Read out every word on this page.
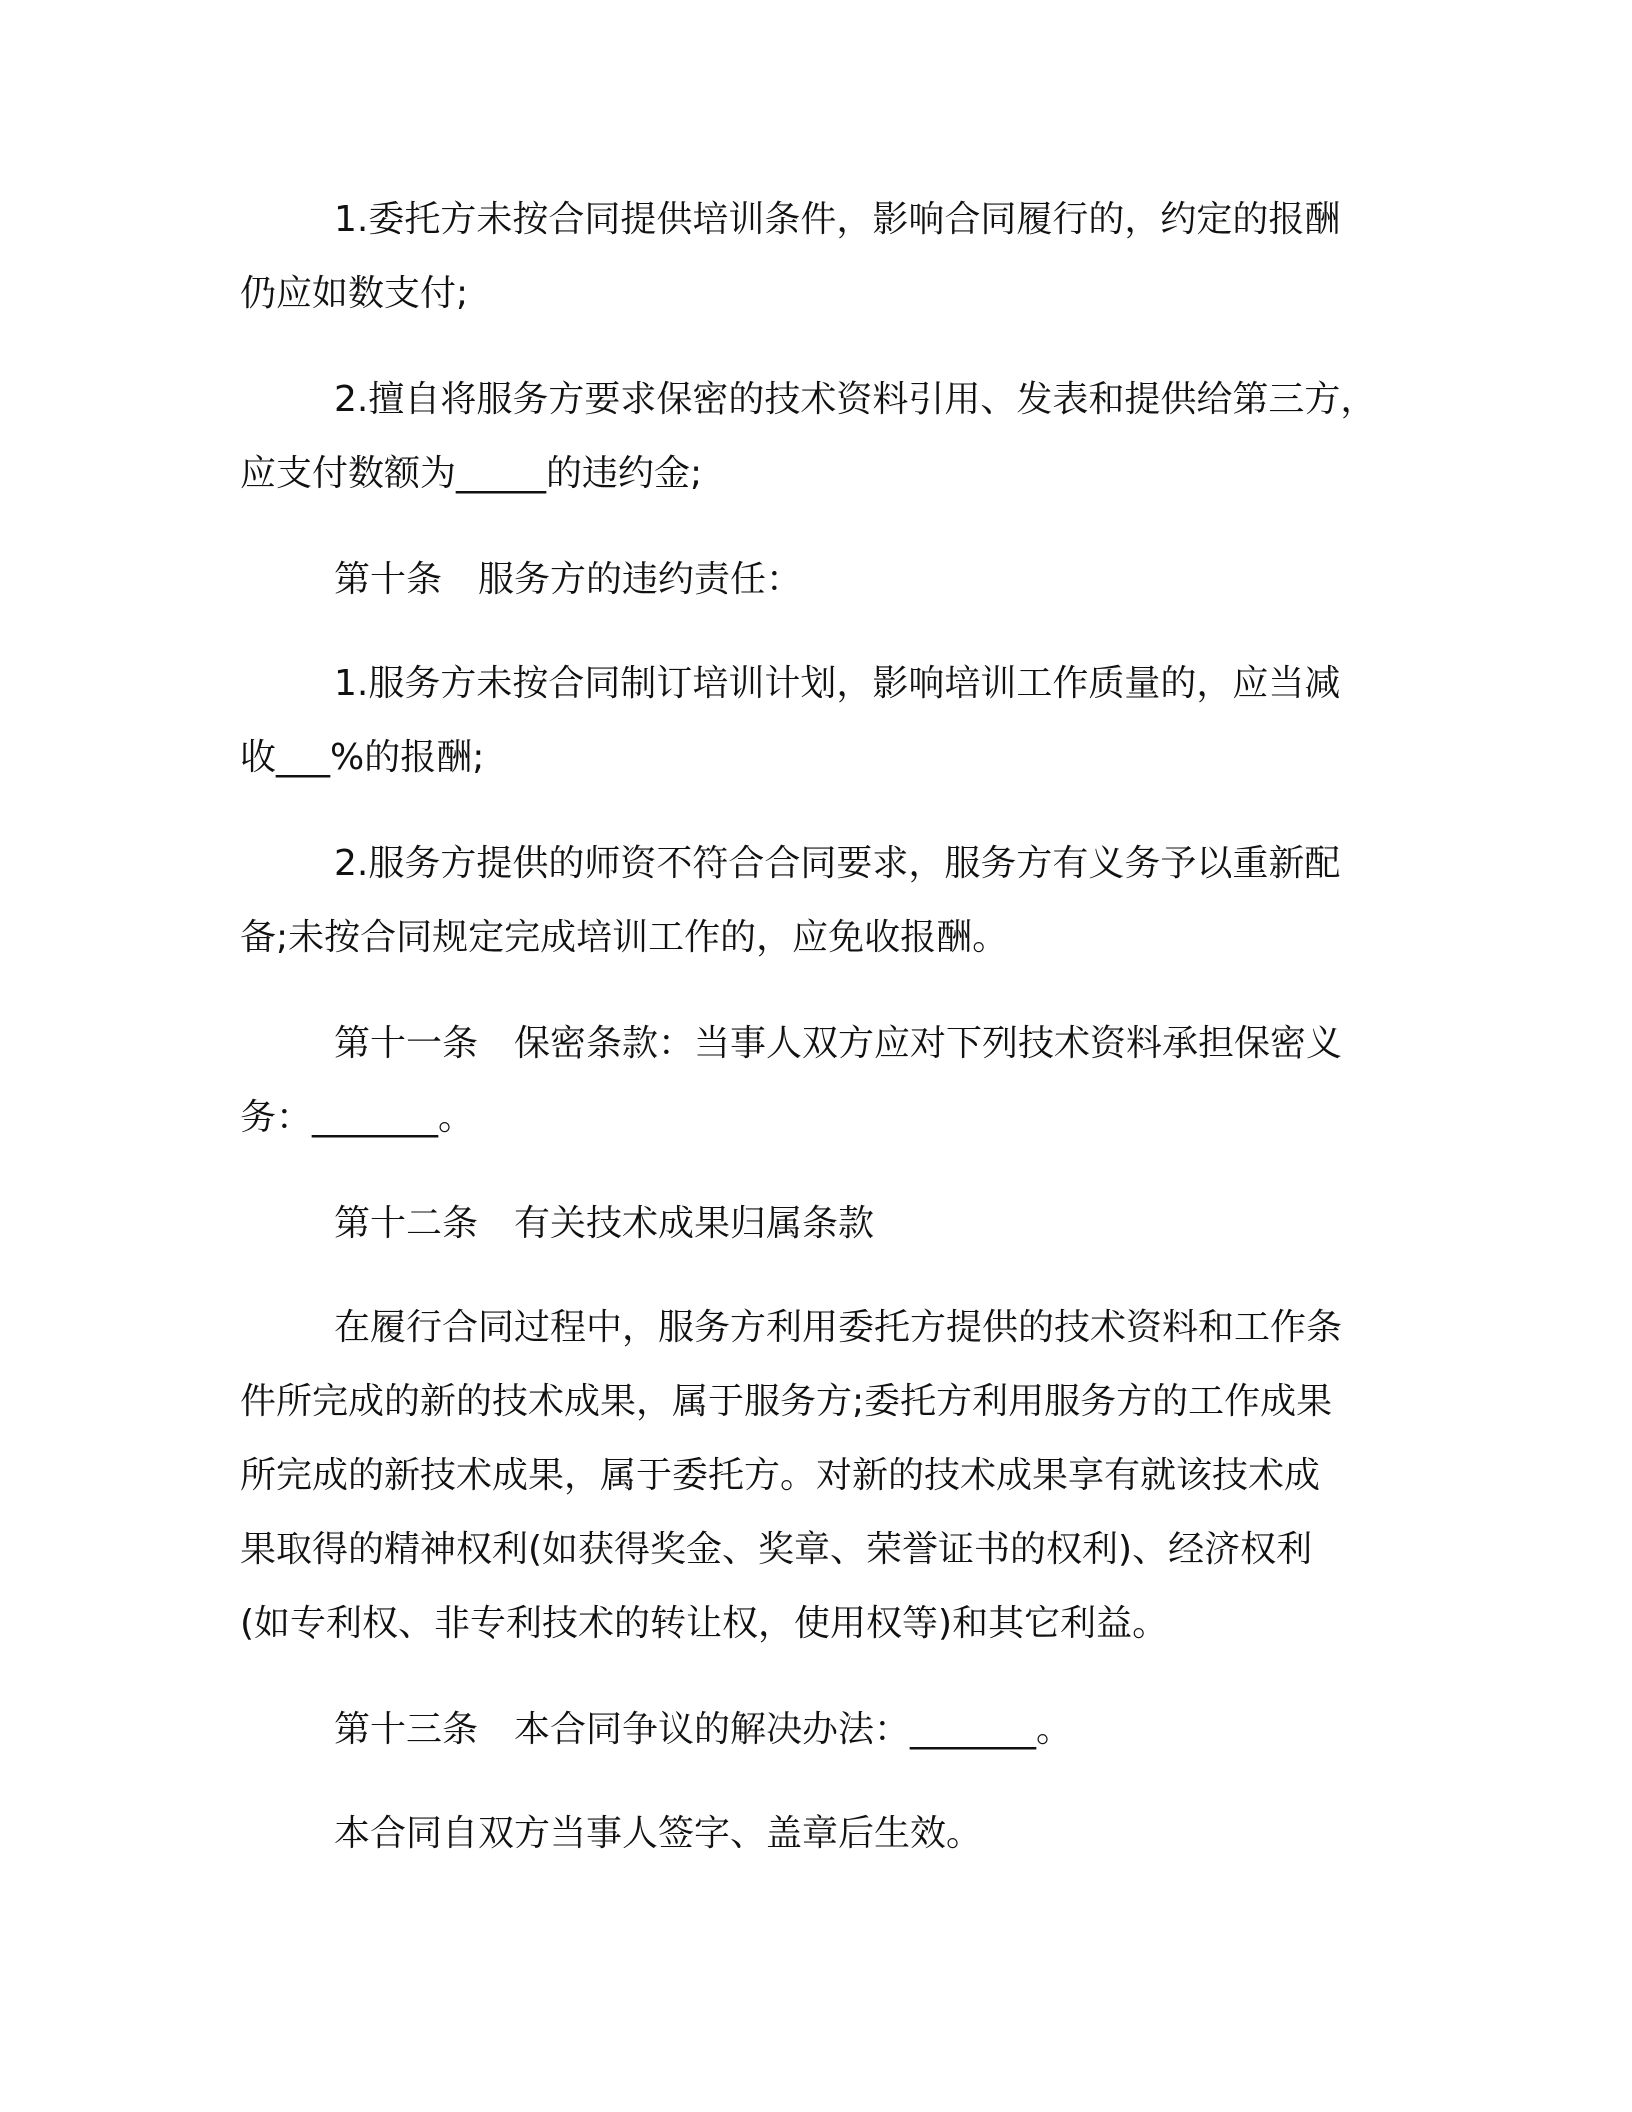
1.委托方未按合同提供培训条件，影响合同履行的，约定的报酬
仍应如数支付;
2.擅自将服务方要求保密的技术资料引用、发表和提供给第三方，
应支付数额为_____的违约金;
第十条　服务方的违约责任：
1.服务方未按合同制订培训计划，影响培训工作质量的，应当减
收___%的报酬;
2.服务方提供的师资不符合合同要求，服务方有义务予以重新配
备;未按合同规定完成培训工作的，应免收报酬。
第十一条　保密条款：当事人双方应对下列技术资料承担保密义
务：_______。
第十二条　有关技术成果归属条款
在履行合同过程中，服务方利用委托方提供的技术资料和工作条
件所完成的新的技术成果，属于服务方;委托方利用服务方的工作成果
所完成的新技术成果，属于委托方。对新的技术成果享有就该技术成
果取得的精神权利(如获得奖金、奖章、荣誉证书的权利)、经济权利
(如专利权、非专利技术的转让权，使用权等)和其它利益。
第十三条　本合同争议的解决办法：_______。
本合同自双方当事人签字、盖章后生效。
